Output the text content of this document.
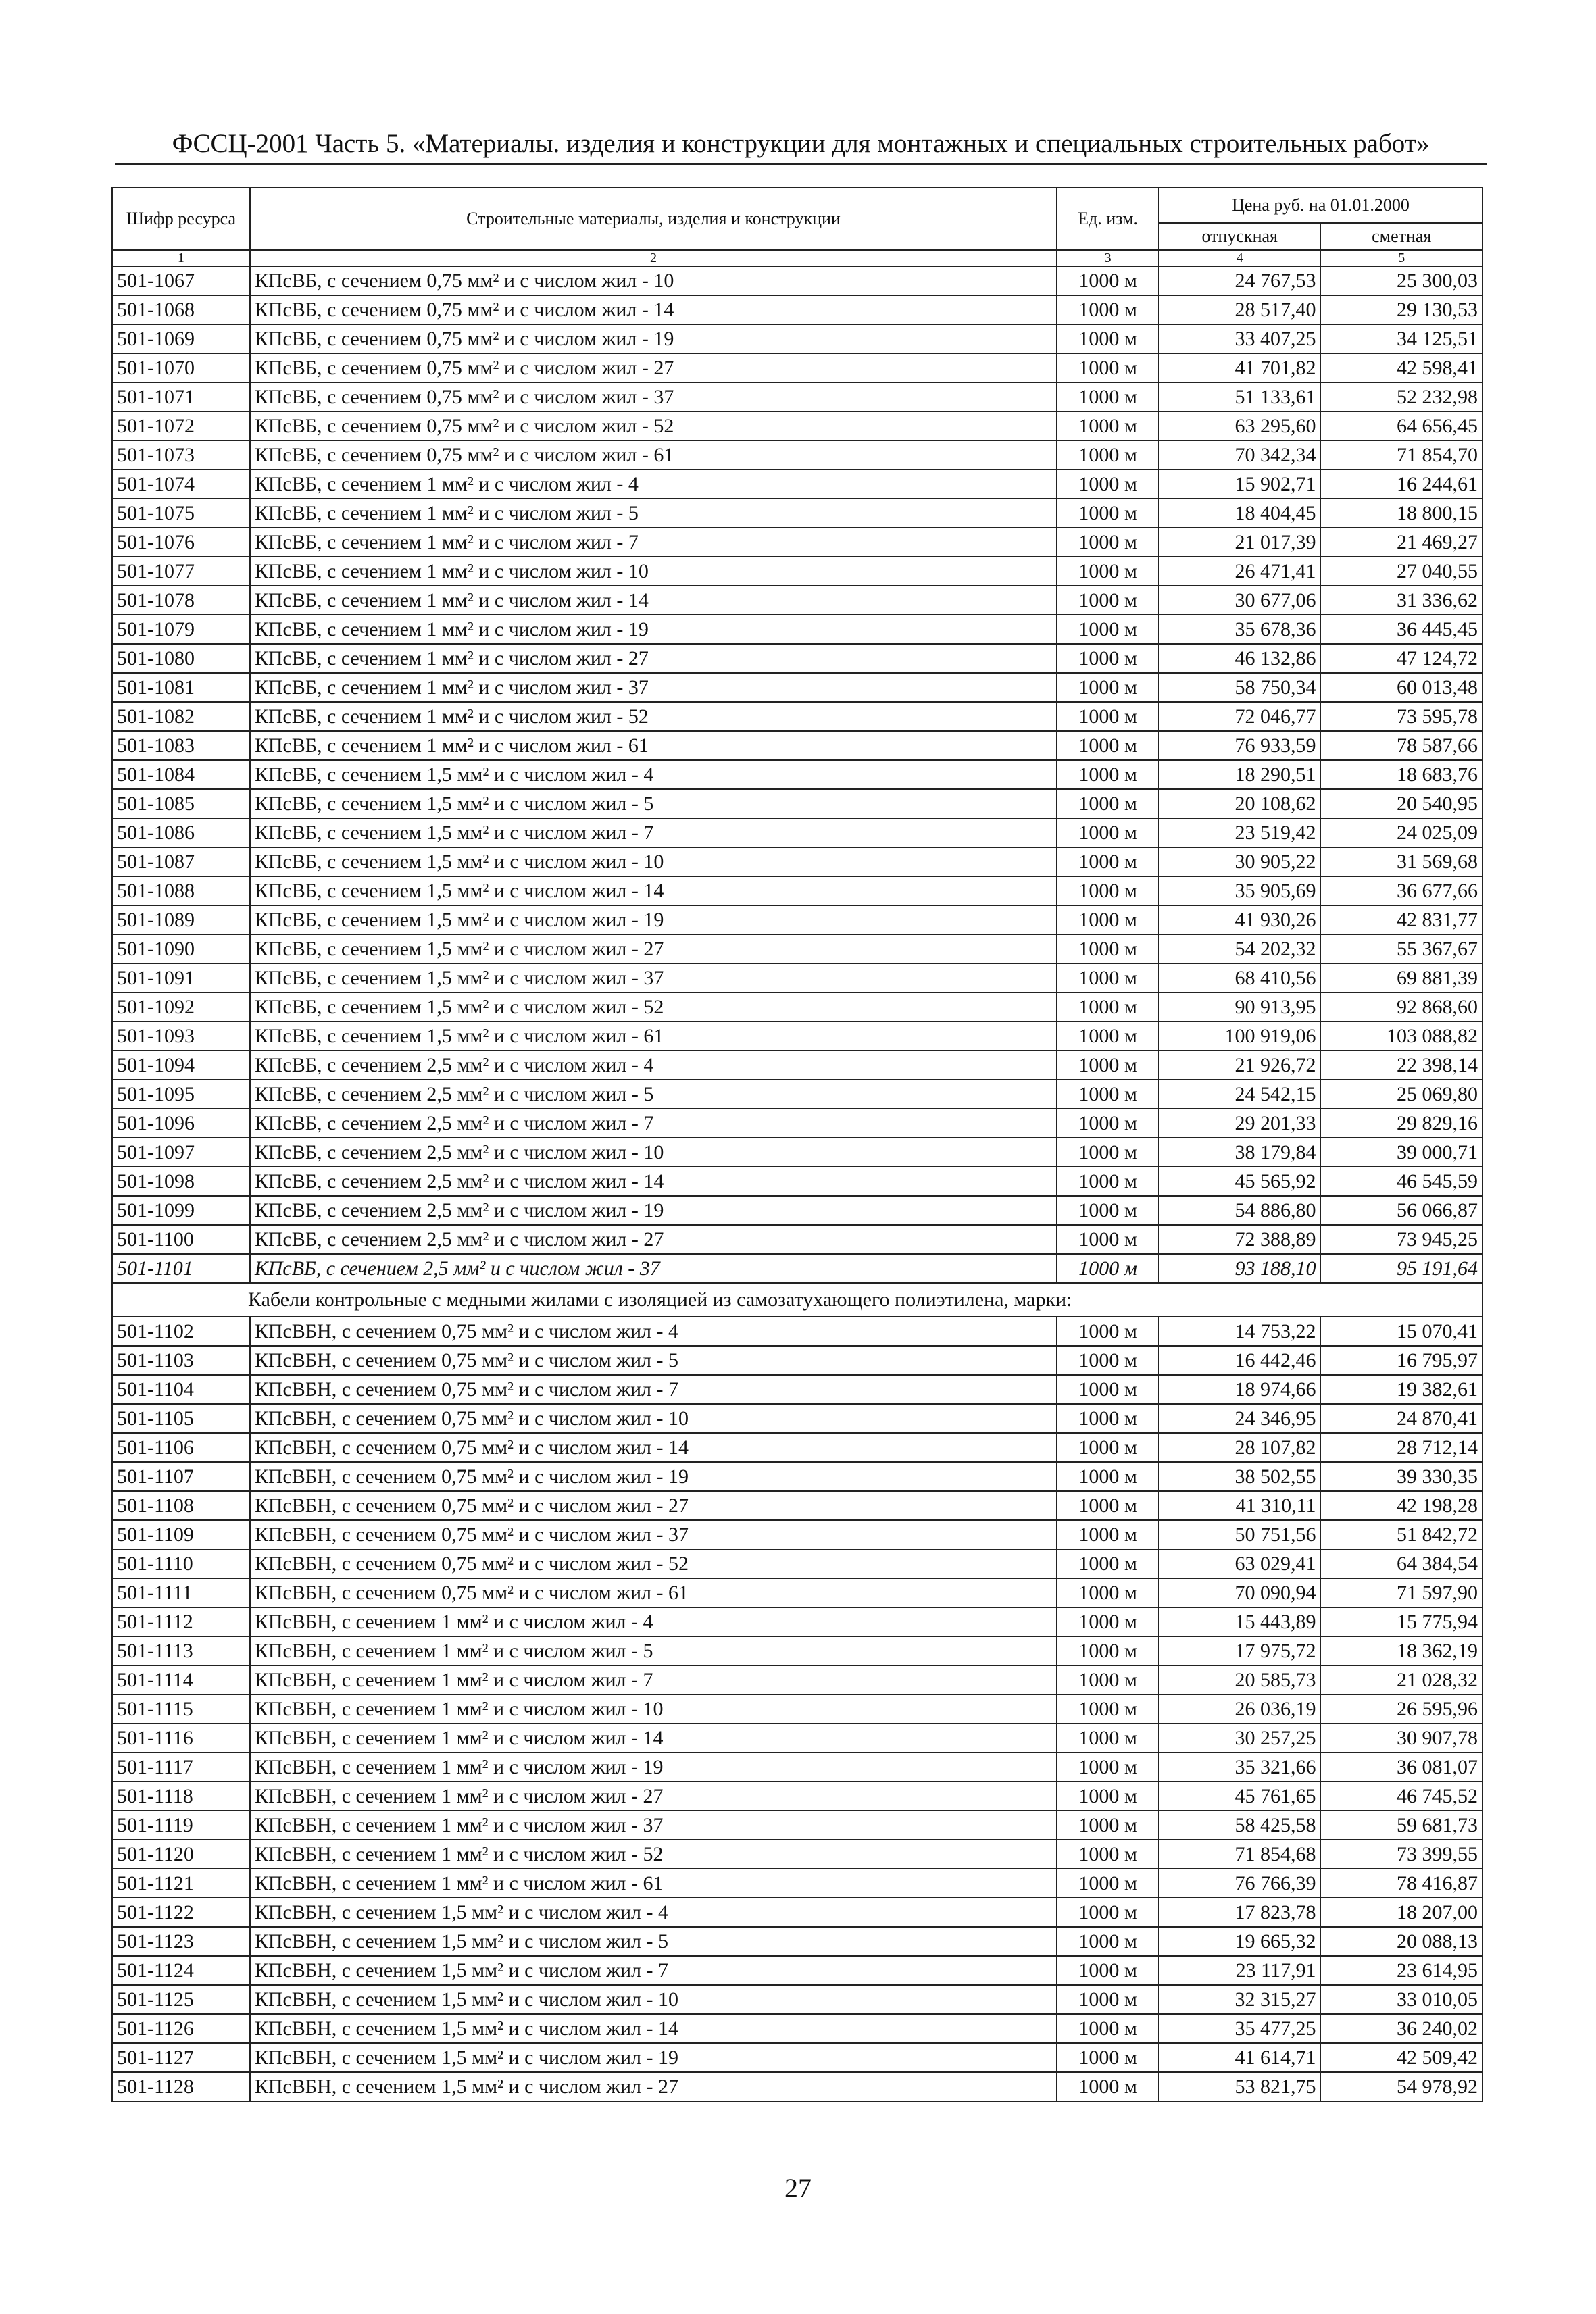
ФССЦ-2001 Часть 5. «Материалы. изделия и конструкции для монтажных и специальных строительных работ»
Шифр ресурса	Строительные материалы, изделия и конструкции	Ед. изм.	Цена руб. на 01.01.2000	
			отпускная	сметная
1	2	3	4	5
501-1067	КПсВБ, с сечением 0,75 мм² и с числом жил - 10	1000 м	24 767,53	25 300,03
501-1068	КПсВБ, с сечением 0,75 мм² и с числом жил - 14	1000 м	28 517,40	29 130,53
501-1069	КПсВБ, с сечением 0,75 мм² и с числом жил - 19	1000 м	33 407,25	34 125,51
501-1070	КПсВБ, с сечением 0,75 мм² и с числом жил - 27	1000 м	41 701,82	42 598,41
501-1071	КПсВБ, с сечением 0,75 мм² и с числом жил - 37	1000 м	51 133,61	52 232,98
501-1072	КПсВБ, с сечением 0,75 мм² и с числом жил - 52	1000 м	63 295,60	64 656,45
501-1073	КПсВБ, с сечением 0,75 мм² и с числом жил - 61	1000 м	70 342,34	71 854,70
501-1074	КПсВБ, с сечением 1 мм² и с числом жил - 4	1000 м	15 902,71	16 244,61
501-1075	КПсВБ, с сечением 1 мм² и с числом жил - 5	1000 м	18 404,45	18 800,15
501-1076	КПсВБ, с сечением 1 мм² и с числом жил - 7	1000 м	21 017,39	21 469,27
501-1077	КПсВБ, с сечением 1 мм² и с числом жил - 10	1000 м	26 471,41	27 040,55
501-1078	КПсВБ, с сечением 1 мм² и с числом жил - 14	1000 м	30 677,06	31 336,62
501-1079	КПсВБ, с сечением 1 мм² и с числом жил - 19	1000 м	35 678,36	36 445,45
501-1080	КПсВБ, с сечением 1 мм² и с числом жил - 27	1000 м	46 132,86	47 124,72
501-1081	КПсВБ, с сечением 1 мм² и с числом жил - 37	1000 м	58 750,34	60 013,48
501-1082	КПсВБ, с сечением 1 мм² и с числом жил - 52	1000 м	72 046,77	73 595,78
501-1083	КПсВБ, с сечением 1 мм² и с числом жил - 61	1000 м	76 933,59	78 587,66
501-1084	КПсВБ, с сечением 1,5 мм² и с числом жил - 4	1000 м	18 290,51	18 683,76
501-1085	КПсВБ, с сечением 1,5 мм² и с числом жил - 5	1000 м	20 108,62	20 540,95
501-1086	КПсВБ, с сечением 1,5 мм² и с числом жил - 7	1000 м	23 519,42	24 025,09
501-1087	КПсВБ, с сечением 1,5 мм² и с числом жил - 10	1000 м	30 905,22	31 569,68
501-1088	КПсВБ, с сечением 1,5 мм² и с числом жил - 14	1000 м	35 905,69	36 677,66
501-1089	КПсВБ, с сечением 1,5 мм² и с числом жил - 19	1000 м	41 930,26	42 831,77
501-1090	КПсВБ, с сечением 1,5 мм² и с числом жил - 27	1000 м	54 202,32	55 367,67
501-1091	КПсВБ, с сечением 1,5 мм² и с числом жил - 37	1000 м	68 410,56	69 881,39
501-1092	КПсВБ, с сечением 1,5 мм² и с числом жил - 52	1000 м	90 913,95	92 868,60
501-1093	КПсВБ, с сечением 1,5 мм² и с числом жил - 61	1000 м	100 919,06	103 088,82
501-1094	КПсВБ, с сечением 2,5 мм² и с числом жил - 4	1000 м	21 926,72	22 398,14
501-1095	КПсВБ, с сечением 2,5 мм² и с числом жил - 5	1000 м	24 542,15	25 069,80
501-1096	КПсВБ, с сечением 2,5 мм² и с числом жил - 7	1000 м	29 201,33	29 829,16
501-1097	КПсВБ, с сечением 2,5 мм² и с числом жил - 10	1000 м	38 179,84	39 000,71
501-1098	КПсВБ, с сечением 2,5 мм² и с числом жил - 14	1000 м	45 565,92	46 545,59
501-1099	КПсВБ, с сечением 2,5 мм² и с числом жил - 19	1000 м	54 886,80	56 066,87
501-1100	КПсВБ, с сечением 2,5 мм² и с числом жил - 27	1000 м	72 388,89	73 945,25
501-1101	КПсВБ, с сечением 2,5 мм² и с числом жил - 37	1000 м	93 188,10	95 191,64
Кабели контрольные с медными жилами с изоляцией из самозатухающего полиэтилена, марки:				
501-1102	КПсВБН, с сечением 0,75 мм² и с числом жил - 4	1000 м	14 753,22	15 070,41
501-1103	КПсВБН, с сечением 0,75 мм² и с числом жил - 5	1000 м	16 442,46	16 795,97
501-1104	КПсВБН, с сечением 0,75 мм² и с числом жил - 7	1000 м	18 974,66	19 382,61
501-1105	КПсВБН, с сечением 0,75 мм² и с числом жил - 10	1000 м	24 346,95	24 870,41
501-1106	КПсВБН, с сечением 0,75 мм² и с числом жил - 14	1000 м	28 107,82	28 712,14
501-1107	КПсВБН, с сечением 0,75 мм² и с числом жил - 19	1000 м	38 502,55	39 330,35
501-1108	КПсВБН, с сечением 0,75 мм² и с числом жил - 27	1000 м	41 310,11	42 198,28
501-1109	КПсВБН, с сечением 0,75 мм² и с числом жил - 37	1000 м	50 751,56	51 842,72
501-1110	КПсВБН, с сечением 0,75 мм² и с числом жил - 52	1000 м	63 029,41	64 384,54
501-1111	КПсВБН, с сечением 0,75 мм² и с числом жил - 61	1000 м	70 090,94	71 597,90
501-1112	КПсВБН, с сечением 1 мм² и с числом жил - 4	1000 м	15 443,89	15 775,94
501-1113	КПсВБН, с сечением 1 мм² и с числом жил - 5	1000 м	17 975,72	18 362,19
501-1114	КПсВБН, с сечением 1 мм² и с числом жил - 7	1000 м	20 585,73	21 028,32
501-1115	КПсВБН, с сечением 1 мм² и с числом жил - 10	1000 м	26 036,19	26 595,96
501-1116	КПсВБН, с сечением 1 мм² и с числом жил - 14	1000 м	30 257,25	30 907,78
501-1117	КПсВБН, с сечением 1 мм² и с числом жил - 19	1000 м	35 321,66	36 081,07
501-1118	КПсВБН, с сечением 1 мм² и с числом жил - 27	1000 м	45 761,65	46 745,52
501-1119	КПсВБН, с сечением 1 мм² и с числом жил - 37	1000 м	58 425,58	59 681,73
501-1120	КПсВБН, с сечением 1 мм² и с числом жил - 52	1000 м	71 854,68	73 399,55
501-1121	КПсВБН, с сечением 1 мм² и с числом жил - 61	1000 м	76 766,39	78 416,87
501-1122	КПсВБН, с сечением 1,5 мм² и с числом жил - 4	1000 м	17 823,78	18 207,00
501-1123	КПсВБН, с сечением 1,5 мм² и с числом жил - 5	1000 м	19 665,32	20 088,13
501-1124	КПсВБН, с сечением 1,5 мм² и с числом жил - 7	1000 м	23 117,91	23 614,95
501-1125	КПсВБН, с сечением 1,5 мм² и с числом жил - 10	1000 м	32 315,27	33 010,05
501-1126	КПсВБН, с сечением 1,5 мм² и с числом жил - 14	1000 м	35 477,25	36 240,02
501-1127	КПсВБН, с сечением 1,5 мм² и с числом жил - 19	1000 м	41 614,71	42 509,42
501-1128	КПсВБН, с сечением 1,5 мм² и с числом жил - 27	1000 м	53 821,75	54 978,92
27
